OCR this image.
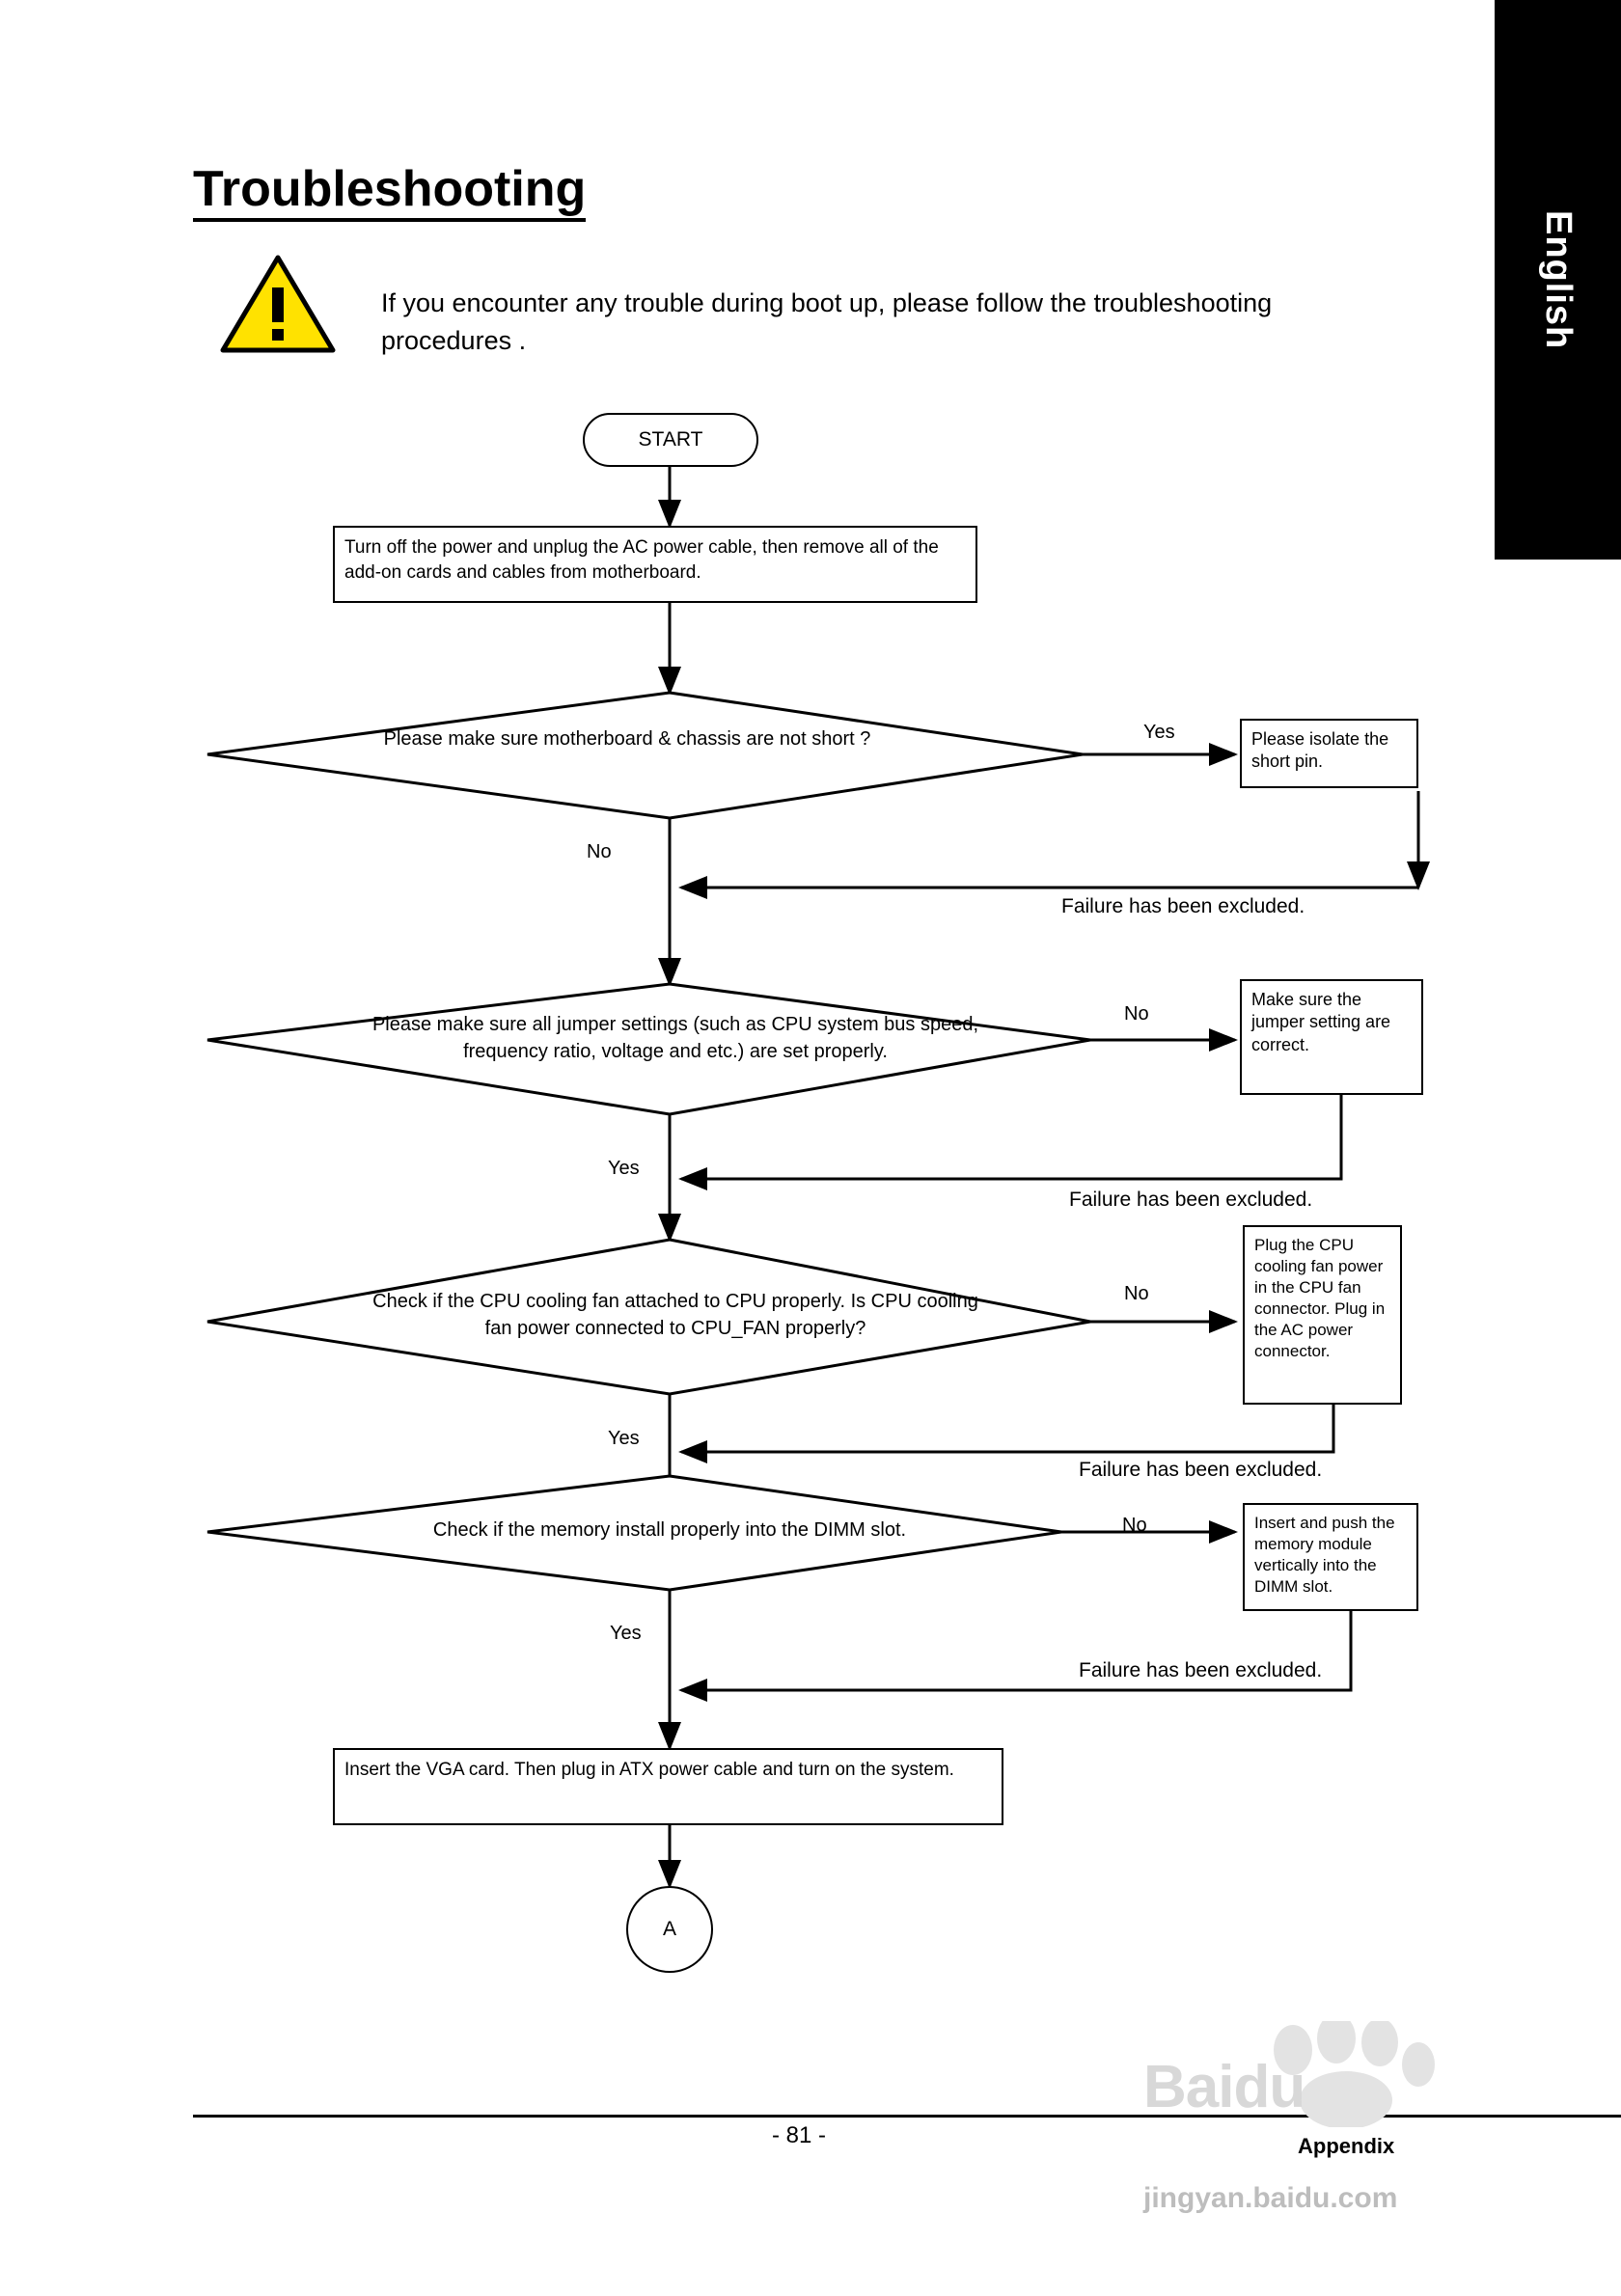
English
Troubleshooting
If you encounter any trouble during boot up, please follow the troubleshooting procedures .
START
Turn off the power and unplug the AC power cable, then remove all of the add-on cards and cables from motherboard.
Please make sure motherboard & chassis are not short ?	Please isolate the short pin.
Please make sure all jumper settings (such as CPU system bus speed, frequency ratio, voltage and etc.) are set properly.
Make sure the jumper setting are correct.
Check if the CPU cooling fan attached to CPU properly. Is CPU cooling fan power connected to CPU_FAN properly?
Plug the CPU cooling fan power in the CPU fan connector. Plug in the AC power connector.
Check if the memory install properly into the DIMM slot.	Insert and push the memory module vertically into the DIMM slot.
Insert the VGA card. Then plug in ATX power cable and turn on the system.
A
Yes
No
Failure has been excluded.
No
Yes
Failure has been excluded.
No
Yes
Failure has been excluded.
No
Yes
Failure has been excluded.
- 81 -	Appendix
Baidu
jingyan.baidu.com
